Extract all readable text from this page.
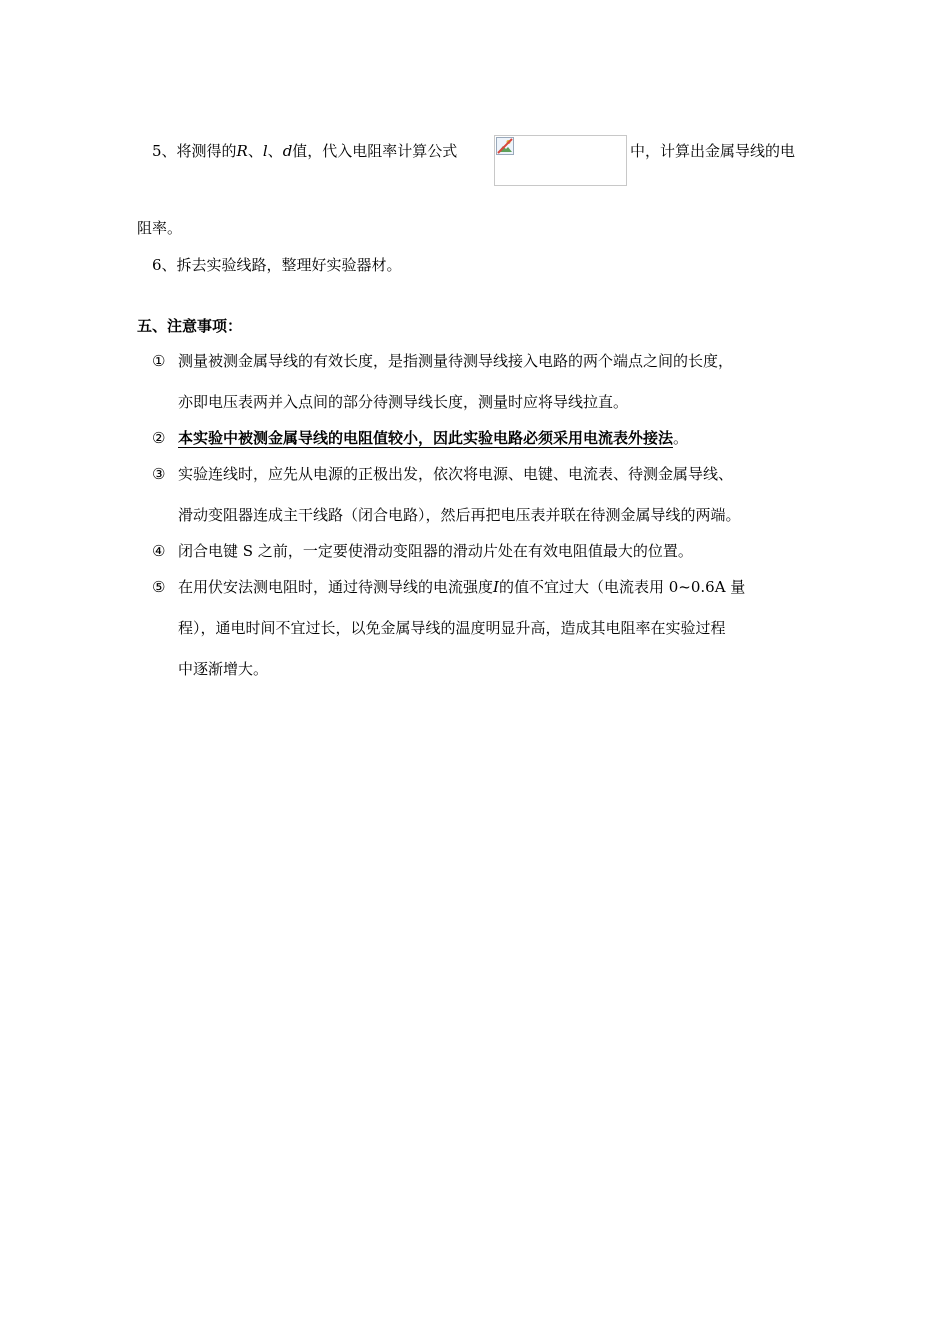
5、将测得的R、l、d值，代入电阻率计算公式	中，计算出金属导线的电
阻率。
6、拆去实验线路，整理好实验器材。
五、注意事项：
① 测量被测金属导线的有效长度，是指测量待测导线接入电路的两个端点之间的长度，
亦即电压表两并入点间的部分待测导线长度，测量时应将导线拉直。
② 本实验中被测金属导线的电阻值较小，因此实验电路必须采用电流表外接法。
③ 实验连线时，应先从电源的正极出发，依次将电源、电键、电流表、待测金属导线、
滑动变阻器连成主干线路（闭合电路），然后再把电压表并联在待测金属导线的两端。
④ 闭合电键 S 之前，一定要使滑动变阻器的滑动片处在有效电阻值最大的位置。
⑤ 在用伏安法测电阻时，通过待测导线的电流强度I的值不宜过大（电流表用 0~0.6A 量
程），通电时间不宜过长，以免金属导线的温度明显升高，造成其电阻率在实验过程
中逐渐增大。
